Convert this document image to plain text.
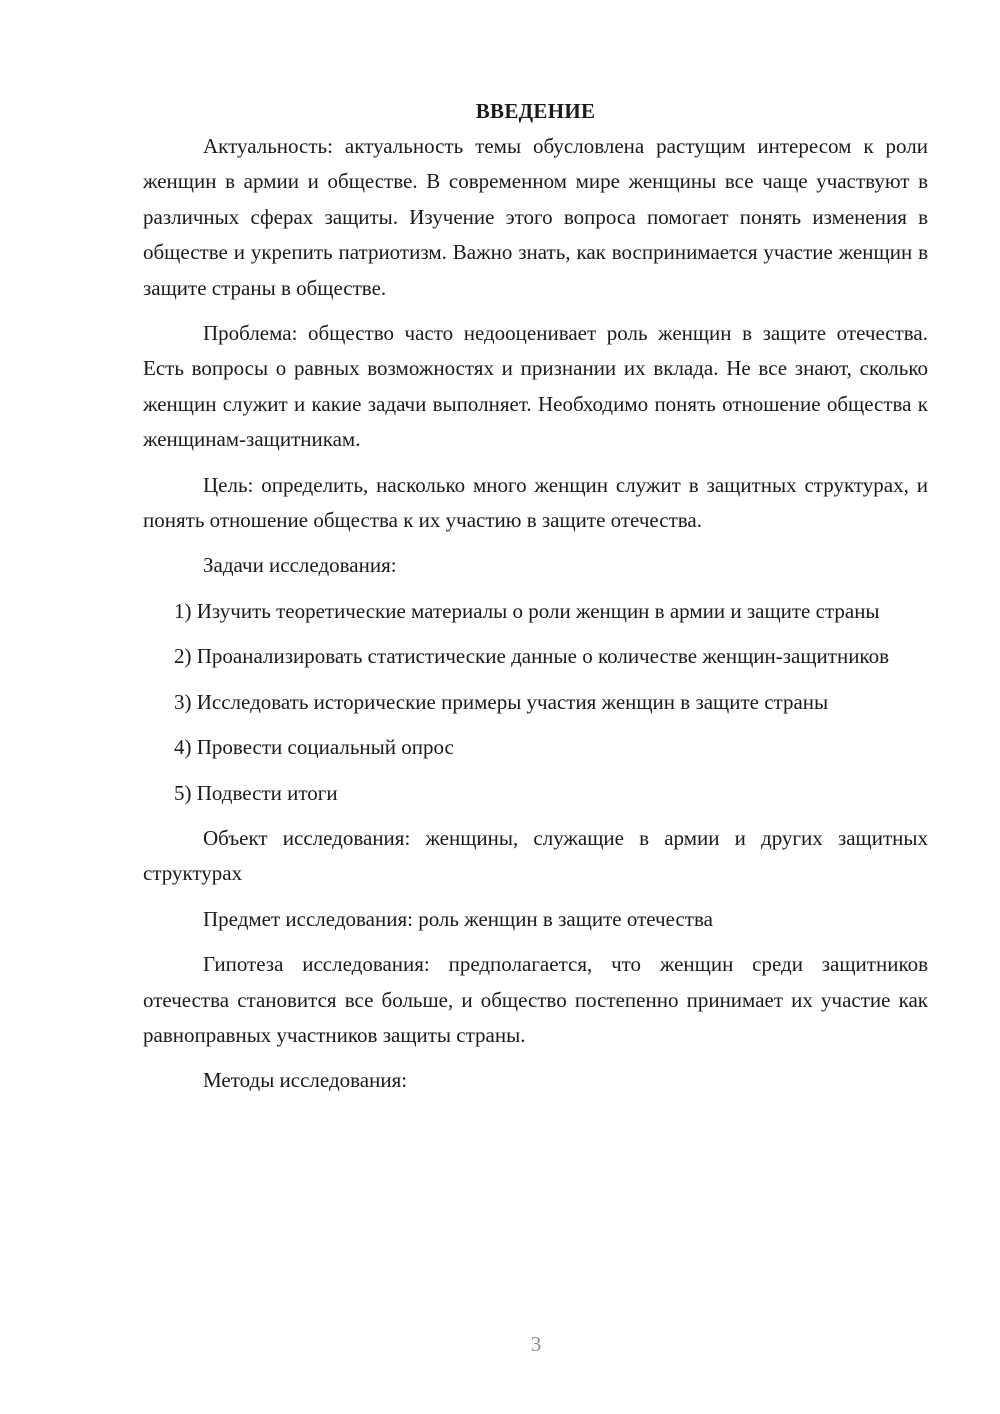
ВВЕДЕНИЕ

Актуальность: актуальность темы обусловлена растущим интересом к роли женщин в армии и обществе. В современном мире женщины все чаще участвуют в различных сферах защиты. Изучение этого вопроса помогает понять изменения в обществе и укрепить патриотизм. Важно знать, как воспринимается участие женщин в защите страны в обществе.

Проблема: общество часто недооценивает роль женщин в защите отечества. Есть вопросы о равных возможностях и признании их вклада. Не все знают, сколько женщин служит и какие задачи выполняет. Необходимо понять отношение общества к женщинам-защитникам.

Цель: определить, насколько много женщин служит в защитных структурах, и понять отношение общества к их участию в защите отечества.

Задачи исследования:

1) Изучить теоретические материалы о роли женщин в армии и защите страны

2) Проанализировать статистические данные о количестве женщин-защитников

3) Исследовать исторические примеры участия женщин в защите страны

4) Провести социальный опрос

5) Подвести итоги

Объект исследования: женщины, служащие в армии и других защитных структурах

Предмет исследования: роль женщин в защите отечества

Гипотеза исследования: предполагается, что женщин среди защитников отечества становится все больше, и общество постепенно принимает их участие как равноправных участников защиты страны.

Методы исследования:

3
